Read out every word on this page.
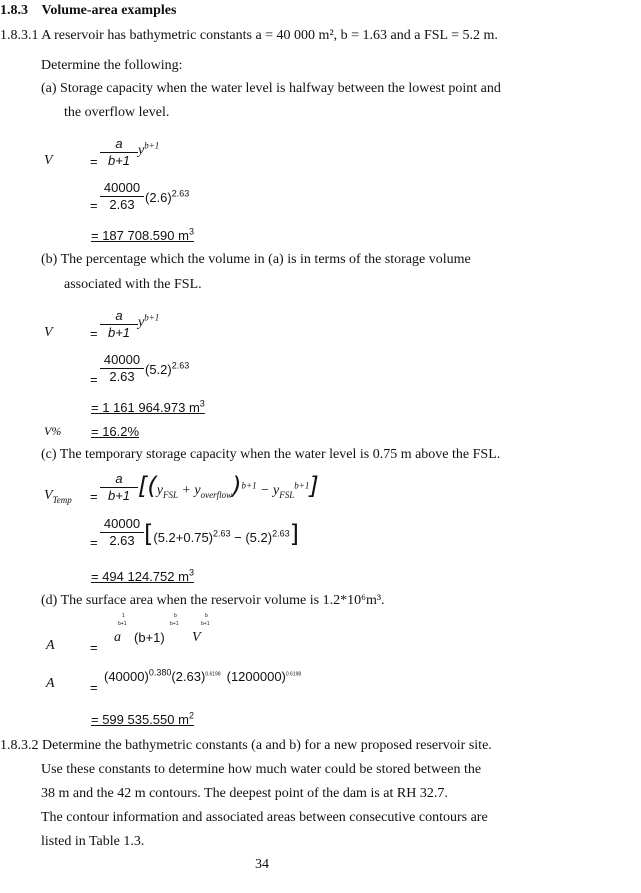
1.8.3 Volume-area examples
1.8.3.1 A reservoir has bathymetric constants a = 40 000 m², b = 1.63 and a FSL = 5.2 m.
Determine the following:
(a) Storage capacity when the water level is halfway between the lowest point and
the overflow level.
V	=
a
b+1
$y^{b+1}$
=
40000
2.63 $(2.6)^{2.63}$
= 187 708.590 $m^3$
(b) The percentage which the volume in (a) is in terms of the storage volume
associated with the FSL.
V	=
a
b+1
$y^{b+1}$
=
40000
2.63 $(5.2)^{2.63}$
= 1 161 964.973 $m^3$
V% = 16.2%
(c) The temporary storage capacity when the water level is 0.75 m above the FSL.
$V_{Temp}$ =
a
b+1 $[(y_{FSL} + y_{overflow})^{b+1} - y_{FSL}^{b+1}]$
=
40000
2.63 $[(5.2+0.75)^{2.63} - (5.2)^{2.63}]$
= 494 124.752 $m^3$
(d) The surface area when the reservoir volume is 1.2*10⁶m³.
A	=
1
b+1
b
b+1
b
b+1
a (b+1) V
A	=
$(40000)^{0.380}(2.63)^{0.6198}$ $(1200000)^{0.6198}$
= 599 535.550 $m^2$
1.8.3.2 Determine the bathymetric constants (a and b) for a new proposed reservoir site.
Use these constants to determine how much water could be stored between the
38 m and the 42 m contours. The deepest point of the dam is at RH 32.7.
The contour information and associated areas between consecutive contours are
listed in Table 1.3.
34
